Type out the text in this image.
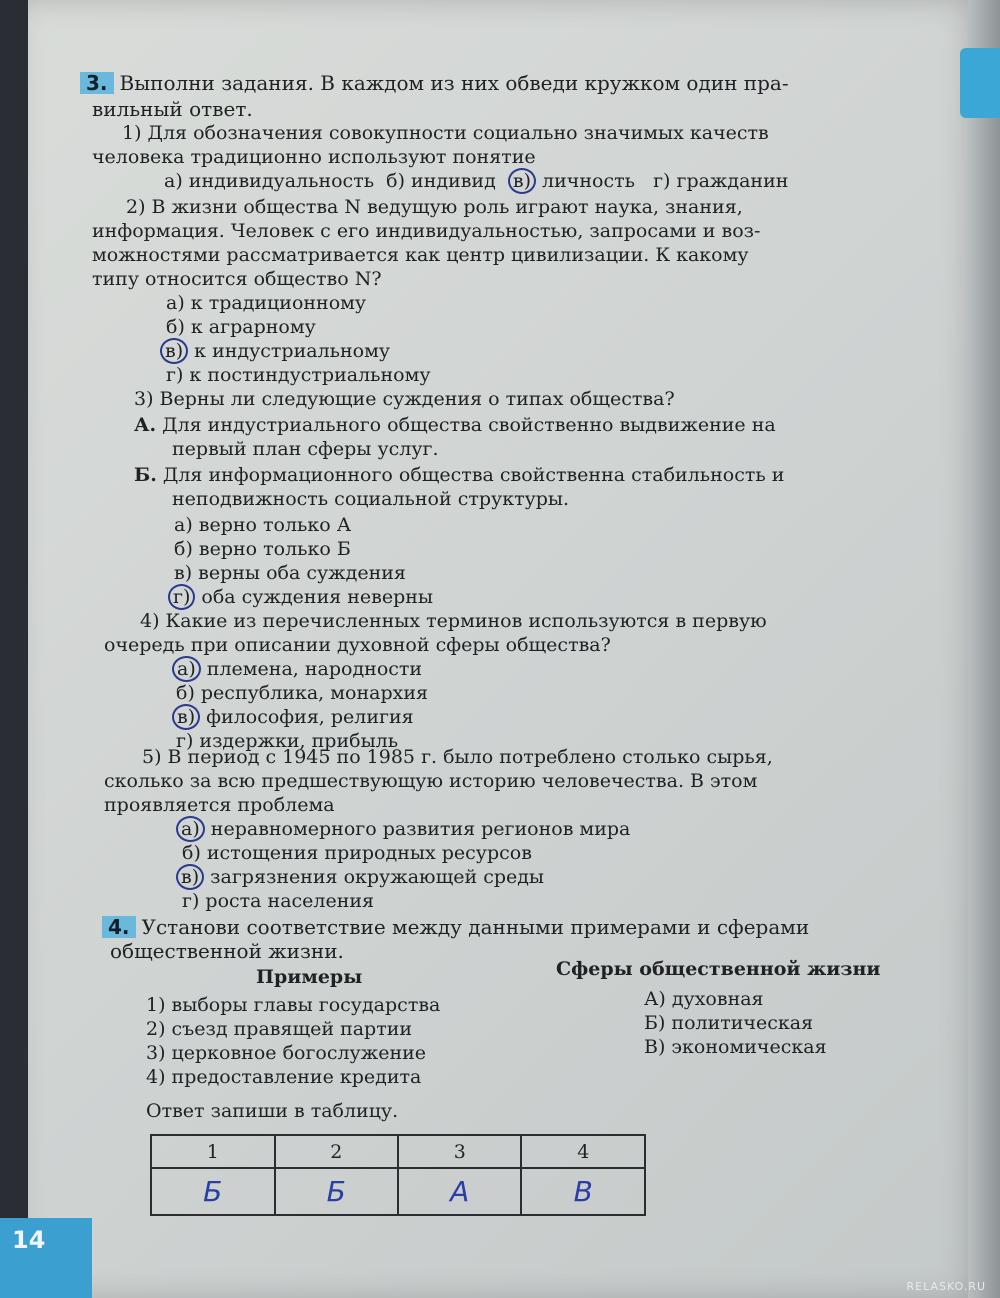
3. Выполни задания. В каждом из них обведи кружком один пра-
вильный ответ.
1) Для обозначения совокупности социально значимых качеств
человека традиционно используют понятие
а) индивидуальность б) индивид в) личность г) гражданин
2) В жизни общества N ведущую роль играют наука, знания,
информация. Человек с его индивидуальностью, запросами и воз-
можностями рассматривается как центр цивилизации. К какому
типу относится общество N?
а) к традиционному
б) к аграрному
в) к индустриальному
г) к постиндустриальному
3) Верны ли следующие суждения о типах общества?
А. Для индустриального общества свойственно выдвижение на
первый план сферы услуг.
Б. Для информационного общества свойственна стабильность и
неподвижность социальной структуры.
а) верно только А
б) верно только Б
в) верны оба суждения
г) оба суждения неверны
4) Какие из перечисленных терминов используются в первую
очередь при описании духовной сферы общества?
а) племена, народности
б) республика, монархия
в) философия, религия
г) издержки, прибыль
5) В период с 1945 по 1985 г. было потреблено столько сырья,
сколько за всю предшествующую историю человечества. В этом
проявляется проблема
а) неравномерного развития регионов мира
б) истощения природных ресурсов
в) загрязнения окружающей среды
г) роста населения
4. Установи соответствие между данными примерами и сферами
общественной жизни.
Примеры	Сферы общественной жизни
1) выборы главы государства
2) съезд правящей партии
3) церковное богослужение
4) предоставление кредита
А) духовная
Б) политическая
В) экономическая
Ответ запиши в таблицу.
1	2	3	4
Б	Б	А	В
14
RELASKO.RU
